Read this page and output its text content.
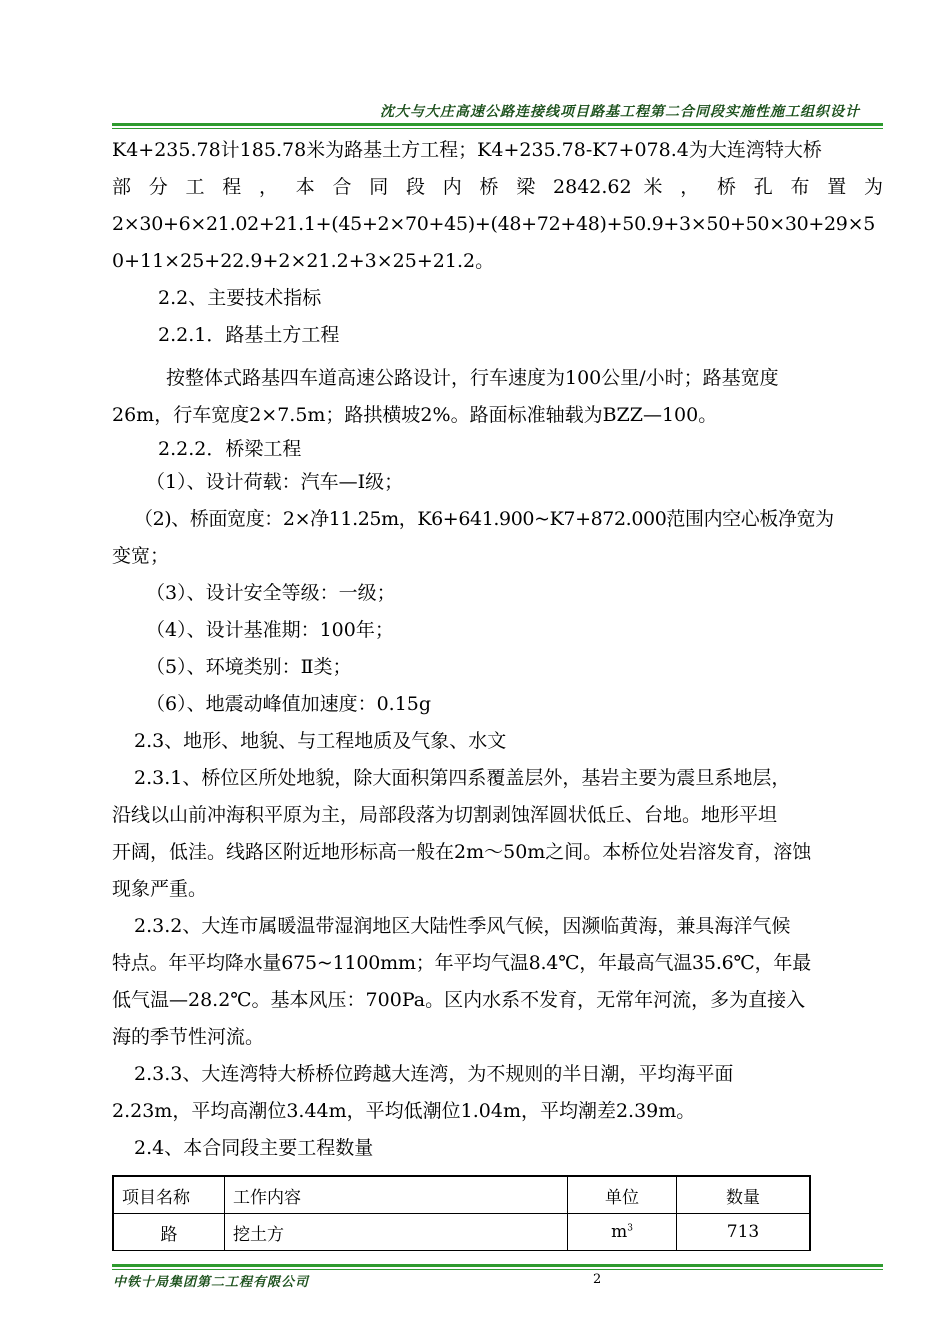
沈大与大庄高速公路连接线项目路基工程第二合同段实施性施工组织设计

K4+235.78计185.78米为路基土方工程；K4+235.78-K7+078.4为大连湾特大桥

部 分 工 程 ， 本 合 同 段 内 桥 梁 2842.62 米 ， 桥 孔 布 置 为

2×30+6×21.02+21.1+(45+2×70+45)+(48+72+48)+50.9+3×50+50×30+29×5

0+11×25+22.9+2×21.2+3×25+21.2。

2.2、主要技术指标

2.2.1．路基土方工程

按整体式路基四车道高速公路设计，行车速度为100公里/小时；路基宽度

26m，行车宽度2×7.5m；路拱横坡2%。路面标准轴载为BZZ—100。

2.2.2．桥梁工程

（1）、设计荷载：汽车—Ⅰ级；

（2)、桥面宽度：2×净11.25m，K6+641.900~K7+872.000范围内空心板净宽为

变宽；

（3）、设计安全等级：一级；

（4）、设计基准期：100年；

（5）、环境类别：Ⅱ类；

（6）、地震动峰值加速度：0.15g

2.3、地形、地貌、与工程地质及气象、水文

2.3.1、桥位区所处地貌，除大面积第四系覆盖层外，基岩主要为震旦系地层，

沿线以山前冲海积平原为主，局部段落为切割剥蚀浑圆状低丘、台地。地形平坦

开阔，低洼。线路区附近地形标高一般在2m～50m之间。本桥位处岩溶发育，溶蚀

现象严重。

2.3.2、大连市属暖温带湿润地区大陆性季风气候，因濒临黄海，兼具海洋气候

特点。年平均降水量675~1100mm；年平均气温8.4℃，年最高气温35.6℃，年最

低气温—28.2℃。基本风压：700Pa。区内水系不发育，无常年河流，多为直接入

海的季节性河流。

2.3.3、大连湾特大桥桥位跨越大连湾，为不规则的半日潮，平均海平面

2.23m，平均高潮位3.44m，平均低潮位1.04m，平均潮差2.39m。

2.4、本合同段主要工程数量

项目名称	工作内容	单位	数量
路	挖土方	$m^3$	713
中铁十局集团第二工程有限公司	2
